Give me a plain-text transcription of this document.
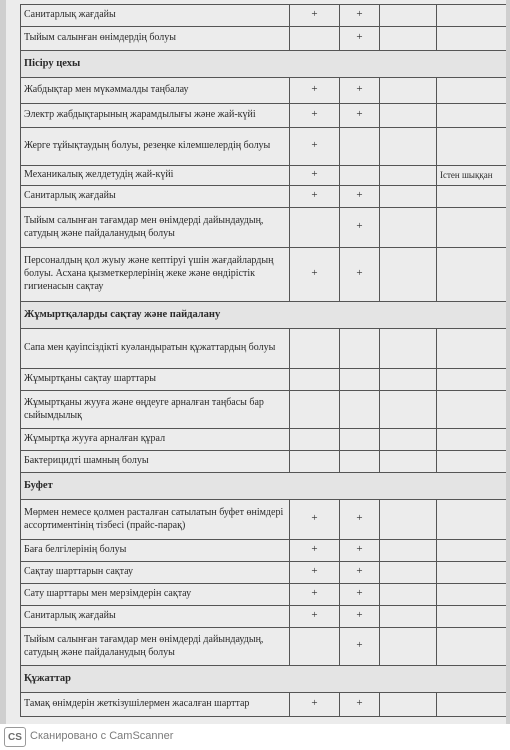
Санитарлық жағдайы	+	+		
Тыйым салынған өнімдердің болуы		+		
Пісіру цехы				
Жабдықтар мен мүкәммалды таңбалау	+	+		
Электр жабдықтарының жарамдылығы және жай-күйі	+	+		
Жерге тұйықтаудың болуы, резеңке кілемшелердің болуы	+			
Механикалық желдетудің жай-күйі	+			Істен шыққан
Санитарлық жағдайы	+	+		
Тыйым салынған тағамдар мен өнімдерді дайындаудың, сатудың және пайдаланудың болуы		+		
Персоналдың қол жуыу және кептіруі үшін жағдайлардың болуы. Асхана қызметкерлерінің жеке және өндірістік гигиенасын сақтау	+	+		
Жұмыртқаларды сақтау және пайдалану				
Сапа мен қауіпсіздікті куәландыратын құжаттардың болуы				
Жұмыртқаны сақтау шарттары				
Жұмыртқаны жууға және өңдеуге арналған таңбасы бар сыйымдылық				
Жұмыртқа жууға арналған құрал				
Бактерицидті шамның болуы				
Буфет				
Мөрмен немесе қолмен расталған сатылатын буфет өнімдері ассортиментінің тізбесі (прайс-парақ)	+	+		
Баға белгілерінің болуы	+	+		
Сақтау шарттарын сақтау	+	+		
Сату шарттары мен мерзімдерін сақтау	+	+		
Санитарлық жағдайы	+	+		
Тыйым салынған тағамдар мен өнімдерді дайындаудың, сатудың және пайдаланудың болуы		+		
Құжаттар				
Тамақ өнімдерін жеткізушілермен жасалған шарттар	+	+		
CS Сканировано с CamScanner
